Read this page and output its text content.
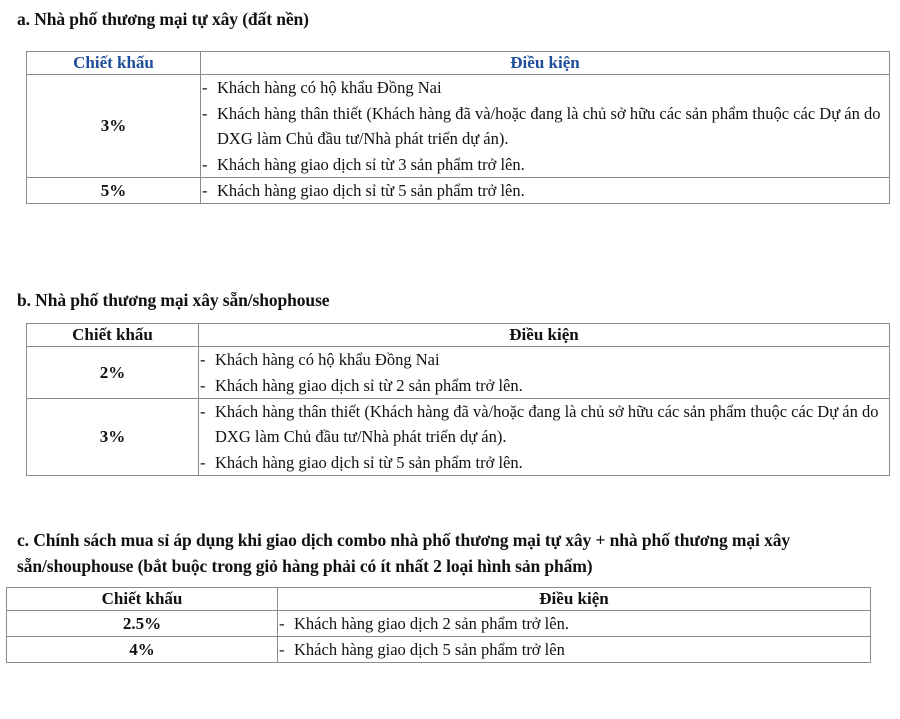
a. Nhà phố thương mại tự xây (đất nền)
Chiết khấu	Điều kiện
3%	
- Khách hàng có hộ khẩu Đồng Nai
- Khách hàng thân thiết (Khách hàng đã và/hoặc đang là chủ sở hữu các sản phẩm thuộc các Dự án do DXG làm Chủ đầu tư/Nhà phát triển dự án).
- Khách hàng giao dịch sỉ từ 3 sản phẩm trở lên.

5%	
-Khách hàng giao dịch sỉ từ 5 sản phẩm trở lên.
b. Nhà phố thương mại xây sẵn/shophouse
Chiết khấu	Điều kiện
2%	
- Khách hàng có hộ khẩu Đồng Nai
- Khách hàng giao dịch sỉ từ 2 sản phẩm trở lên.

3%	
- Khách hàng thân thiết (Khách hàng đã và/hoặc đang là chủ sở hữu các sản phẩm thuộc các Dự án do DXG làm Chủ đầu tư/Nhà phát triển dự án).
- Khách hàng giao dịch sỉ từ 5 sản phẩm trở lên.
c. Chính sách mua sỉ áp dụng khi giao dịch combo nhà phố thương mại tự xây + nhà phố thương mại xây sẵn/shouphouse (bắt buộc trong giỏ hàng phải có ít nhất 2 loại hình sản phẩm)
Chiết khấu	Điều kiện
2.5%	
-Khách hàng giao dịch 2 sản phẩm trở lên.

4%	
-Khách hàng giao dịch 5 sản phẩm trở lên
